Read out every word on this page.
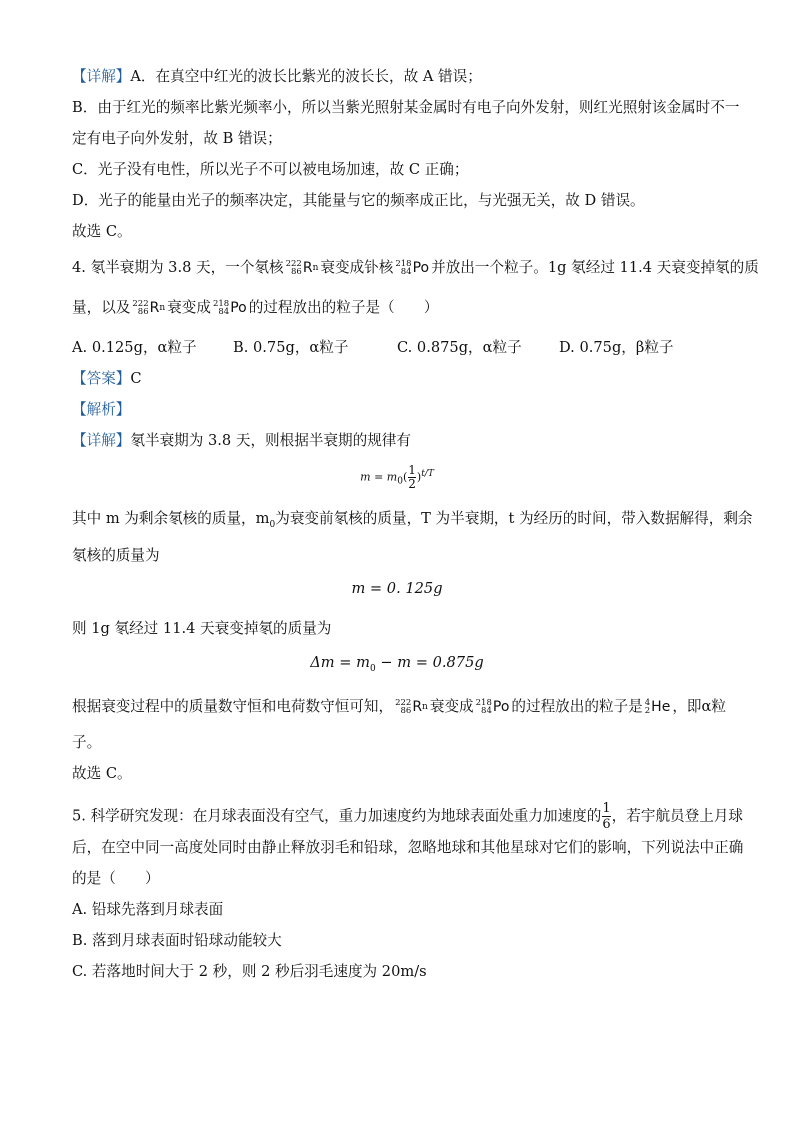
【详解】A．在真空中红光的波长比紫光的波长长，故 A 错误；
B．由于红光的频率比紫光频率小，所以当紫光照射某金属时有电子向外发射，则红光照射该金属时不一
定有电子向外发射，故 B 错误；
C．光子没有电性，所以光子不可以被电场加速，故 C 正确；
D．光子的能量由光子的频率决定，其能量与它的频率成正比，与光强无关，故 D 错误。
故选 C。
4. 氡半衰期为 3.8 天，一个氡核 222
86 R n 衰变成钋核 218
84 Po 并放出一个粒子。1g 氡经过 11.4 天衰变掉氡的质
量，以及 222
86 R n 衰变成 218
84 Po 的过程放出的粒子是（　　）
A. 0.125g，α粒子 B. 0.75g，α粒子	C. 0.875g，α粒子	D. 0.75g，β粒子
【答案】C
【解析】
【详解】氡半衰期为 3.8 天，则根据半衰期的规律有
$m = m_0( \frac{1}{2} )^{t/T}$
其中 m 为剩余氡核的质量，$m_0$为衰变前氡核的质量，T 为半衰期，t 为经历的时间，带入数据解得，剩余
氡核的质量为
m = 0. 125g
则 1g 氡经过 11.4 天衰变掉氡的质量为
$\Delta m = m_0 - m = 0.875g$
根据衰变过程中的质量数守恒和电荷数守恒可知， 222
86 R n 衰变成 218
84 Po 的过程放出的粒子是 4
2 He ，即α粒
子。
故选 C。
5. 科学研究发现：在月球表面没有空气，重力加速度约为地球表面处重力加速度的 $\frac{1}{6}$ ，若宇航员登上月球
后，在空中同一高度处同时由静止释放羽毛和铅球，忽略地球和其他星球对它们的影响，下列说法中正确
的是（　　）
A. 铅球先落到月球表面
B. 落到月球表面时铅球动能较大
C. 若落地时间大于 2 秒，则 2 秒后羽毛速度为 20m/s
